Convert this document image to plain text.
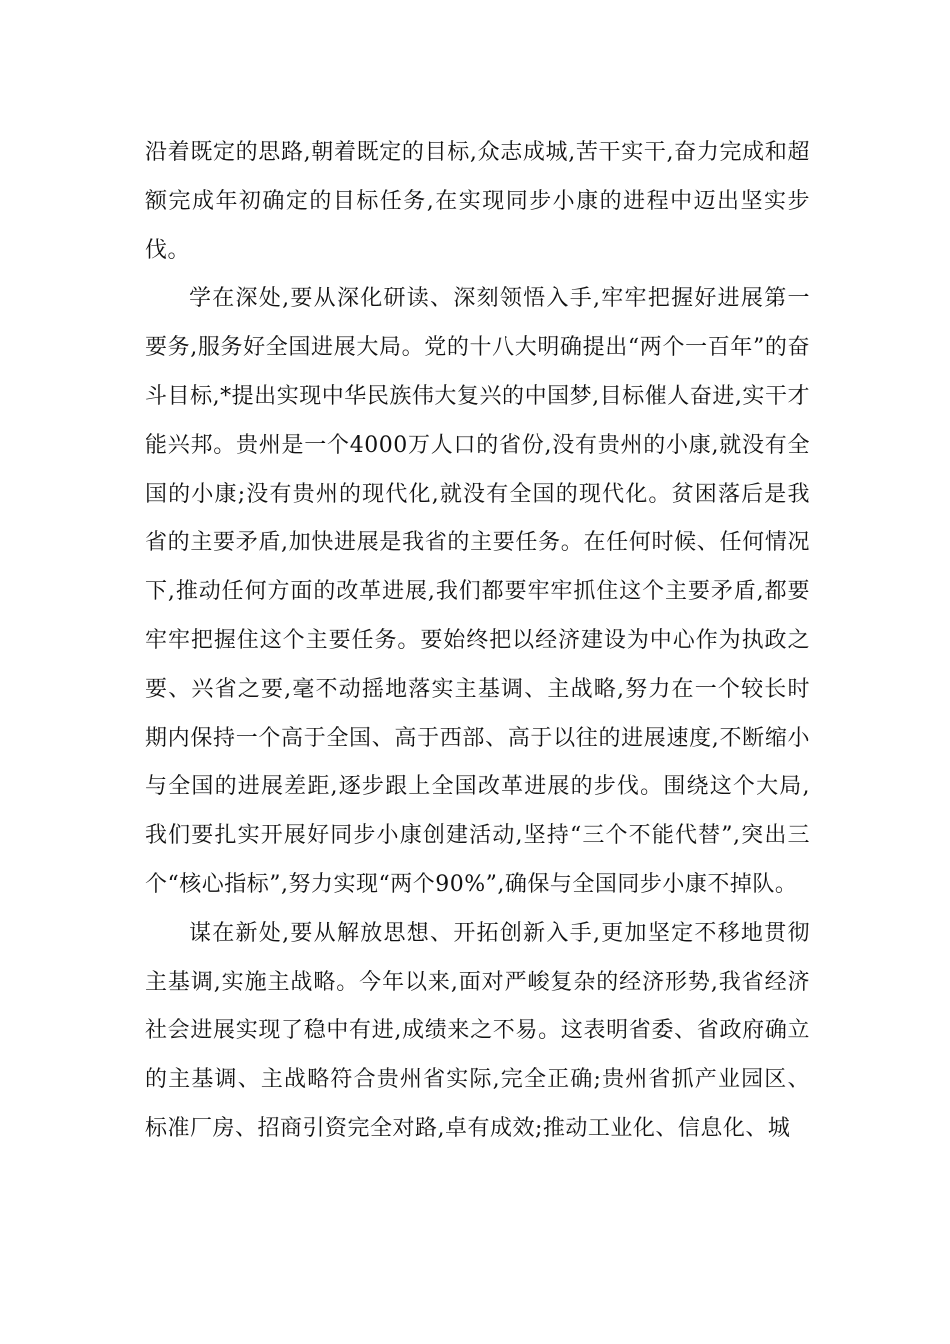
沿着既定的思路,朝着既定的目标,众志成城,苦干实干,奋力完成和超额完成年初确定的目标任务,在实现同步小康的进程中迈出坚实步伐。

学在深处,要从深化研读、深刻领悟入手,牢牢把握好进展第一要务,服务好全国进展大局。党的十八大明确提出“两个一百年”的奋斗目标,*提出实现中华民族伟大复兴的中国梦,目标催人奋进,实干才能兴邦。贵州是一个4000万人口的省份,没有贵州的小康,就没有全国的小康;没有贵州的现代化,就没有全国的现代化。贫困落后是我省的主要矛盾,加快进展是我省的主要任务。在任何时候、任何情况下,推动任何方面的改革进展,我们都要牢牢抓住这个主要矛盾,都要牢牢把握住这个主要任务。要始终把以经济建设为中心作为执政之要、兴省之要,毫不动摇地落实主基调、主战略,努力在一个较长时期内保持一个高于全国、高于西部、高于以往的进展速度,不断缩小与全国的进展差距,逐步跟上全国改革进展的步伐。围绕这个大局,我们要扎实开展好同步小康创建活动,坚持“三个不能代替”,突出三个“核心指标”,努力实现“两个90%”,确保与全国同步小康不掉队。

谋在新处,要从解放思想、开拓创新入手,更加坚定不移地贯彻主基调,实施主战略。今年以来,面对严峻复杂的经济形势,我省经济社会进展实现了稳中有进,成绩来之不易。这表明省委、省政府确立的主基调、主战略符合贵州省实际,完全正确;贵州省抓产业园区、标准厂房、招商引资完全对路,卓有成效;推动工业化、信息化、城
